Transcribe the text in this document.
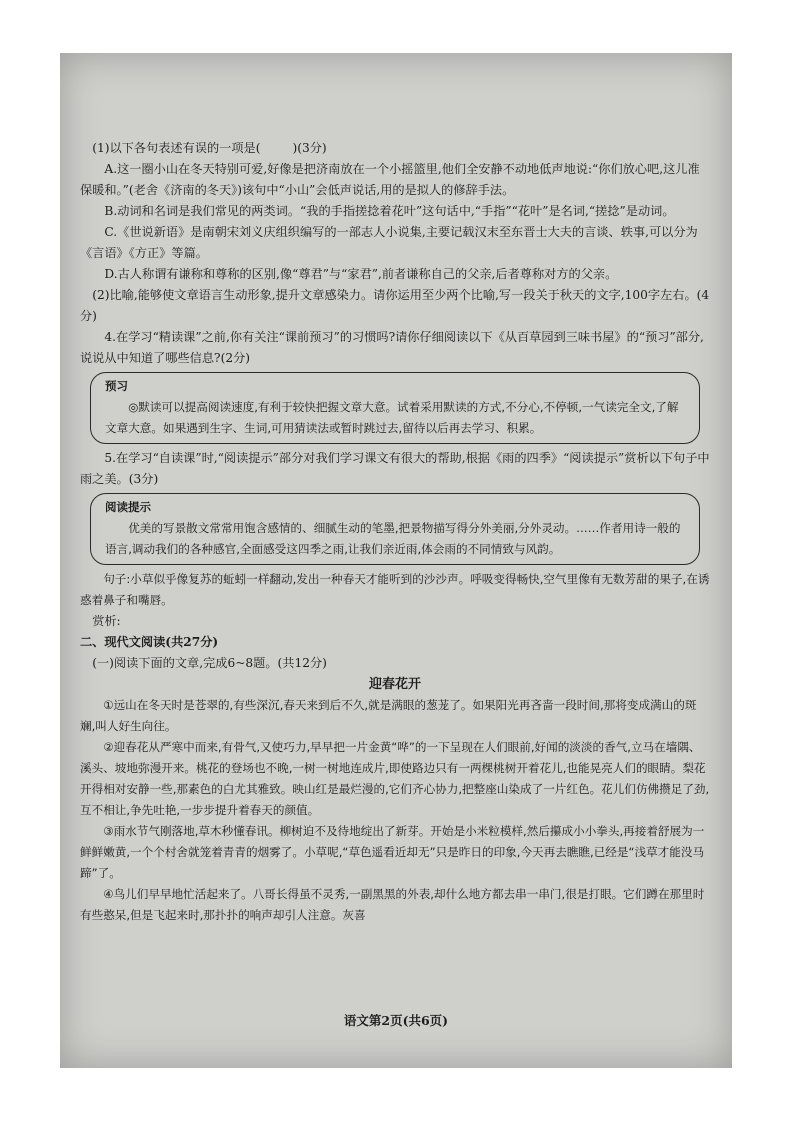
(1)以下各句表述有误的一项是(	)(3分)

A.这一圈小山在冬天特别可爱,好像是把济南放在一个小摇篮里,他们全安静不动地低声地说:“你们放心吧,这儿准保暖和。”(老舍《济南的冬天》)该句中“小山”会低声说话,用的是拟人的修辞手法。

B.动词和名词是我们常见的两类词。“我的手指搓捻着花叶”这句话中,“手指”“花叶”是名词,“搓捻”是动词。

C.《世说新语》是南朝宋刘义庆组织编写的一部志人小说集,主要记载汉末至东晋士大夫的言谈、轶事,可以分为《言语》《方正》等篇。

D.古人称谓有谦称和尊称的区别,像“尊君”与“家君”,前者谦称自己的父亲,后者尊称对方的父亲。

(2)比喻,能够使文章语言生动形象,提升文章感染力。请你运用至少两个比喻,写一段关于秋天的文字,100字左右。(4分)

4.在学习“精读课”之前,你有关注“课前预习”的习惯吗?请你仔细阅读以下《从百草园到三味书屋》的“预习”部分,说说从中知道了哪些信息?(2分)

预习
◎默读可以提高阅读速度,有利于较快把握文章大意。试着采用默读的方式,不分心,不停顿,一气读完全文,了解文章大意。如果遇到生字、生词,可用猜读法或暂时跳过去,留待以后再去学习、积累。

5.在学习“自读课”时,“阅读提示”部分对我们学习课文有很大的帮助,根据《雨的四季》“阅读提示”赏析以下句子中雨之美。(3分)

阅读提示
优美的写景散文常常用饱含感情的、细腻生动的笔墨,把景物描写得分外美丽,分外灵动。……作者用诗一般的语言,调动我们的各种感官,全面感受这四季之雨,让我们亲近雨,体会雨的不同情致与风韵。

句子:小草似乎像复苏的蚯蚓一样翻动,发出一种春天才能听到的沙沙声。呼吸变得畅快,空气里像有无数芳甜的果子,在诱惑着鼻子和嘴唇。

赏析:

二、现代文阅读(共27分)

(一)阅读下面的文章,完成6~8题。(共12分)

迎春花开

①远山在冬天时是苍翠的,有些深沉,春天来到后不久,就是满眼的葱茏了。如果阳光再吝啬一段时间,那将变成满山的斑斓,叫人好生向往。

②迎春花从严寒中而来,有骨气,又使巧力,早早把一片金黄“哗”的一下呈现在人们眼前,好闻的淡淡的香气,立马在墙隅、溪头、坡地弥漫开来。桃花的登场也不晚,一树一树地连成片,即使路边只有一两棵桃树开着花儿,也能晃亮人们的眼睛。梨花开得相对安静一些,那素色的白尤其雅致。映山红是最烂漫的,它们齐心协力,把整座山染成了一片红色。花儿们仿佛攒足了劲,互不相让,争先吐艳,一步步提升着春天的颜值。

③雨水节气刚落地,草木秒懂春讯。柳树迫不及待地绽出了新芽。开始是小米粒模样,然后攥成小小拳头,再接着舒展为一鲜鲜嫩黄,一个个村舍就笼着青青的烟雾了。小草呢,“草色遥看近却无”只是昨日的印象,今天再去瞧瞧,已经是“浅草才能没马蹄”了。

④鸟儿们早早地忙活起来了。八哥长得虽不灵秀,一副黑黑的外表,却什么地方都去串一串门,很是打眼。它们蹲在那里时有些憨呆,但是飞起来时,那扑扑的响声却引人注意。灰喜

语文第2页(共6页)
